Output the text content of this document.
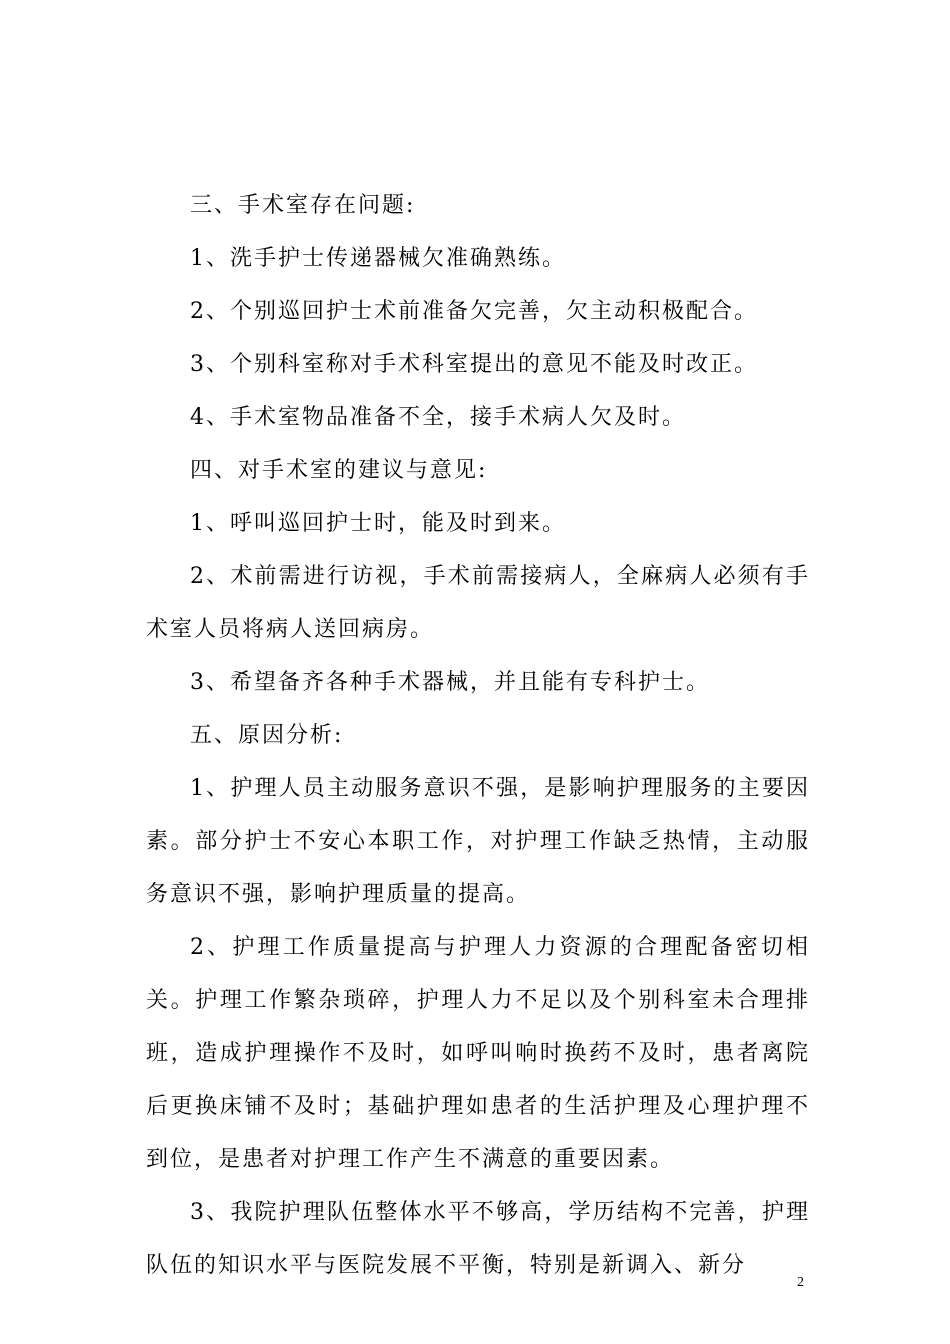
三、手术室存在问题:

1、洗手护士传递器械欠准确熟练。

2、个别巡回护士术前准备欠完善，欠主动积极配合。

3、个别科室称对手术科室提出的意见不能及时改正。

4、手术室物品准备不全，接手术病人欠及时。

四、对手术室的建议与意见:

1、呼叫巡回护士时，能及时到来。

2、术前需进行访视，手术前需接病人，全麻病人必须有手术室人员将病人送回病房。

3、希望备齐各种手术器械，并且能有专科护士。

五、原因分析:

1、护理人员主动服务意识不强，是影响护理服务的主要因素。部分护士不安心本职工作，对护理工作缺乏热情，主动服务意识不强，影响护理质量的提高。

2、护理工作质量提高与护理人力资源的合理配备密切相关。护理工作繁杂琐碎，护理人力不足以及个别科室未合理排班，造成护理操作不及时，如呼叫响时换药不及时，患者离院后更换床铺不及时；基础护理如患者的生活护理及心理护理不到位，是患者对护理工作产生不满意的重要因素。

3、我院护理队伍整体水平不够高，学历结构不完善，护理队伍的知识水平与医院发展不平衡，特别是新调入、新分

2
